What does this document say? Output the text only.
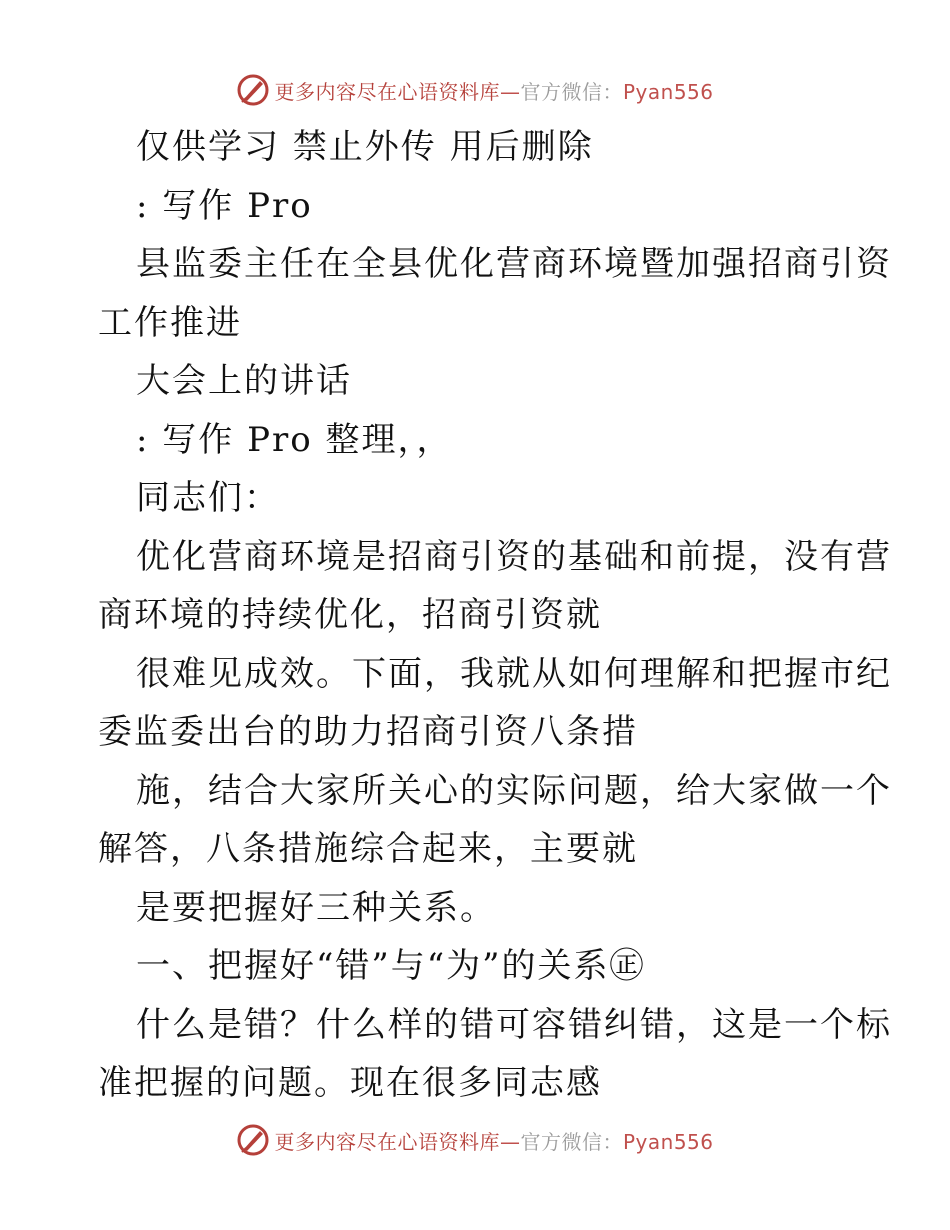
更多内容尽在心语资料库—官方微信：Pyan556
仅供学习 禁止外传 用后删除
: 写作 Pro
县监委主任在全县优化营商环境暨加强招商引资
工作推进
大会上的讲话
: 写作 Pro 整理，，
同志们：
优化营商环境是招商引资的基础和前提，没有营
商环境的持续优化，招商引资就
很难见成效。下面，我就从如何理解和把握市纪
委监委出台的助力招商引资八条措
施，结合大家所关心的实际问题，给大家做一个
解答，八条措施综合起来，主要就
是要把握好三种关系。
一、把握好“错”与“为”的关系㊣
什么是错？什么样的错可容错纠错，这是一个标
准把握的问题。现在很多同志感
更多内容尽在心语资料库—官方微信：Pyan556
